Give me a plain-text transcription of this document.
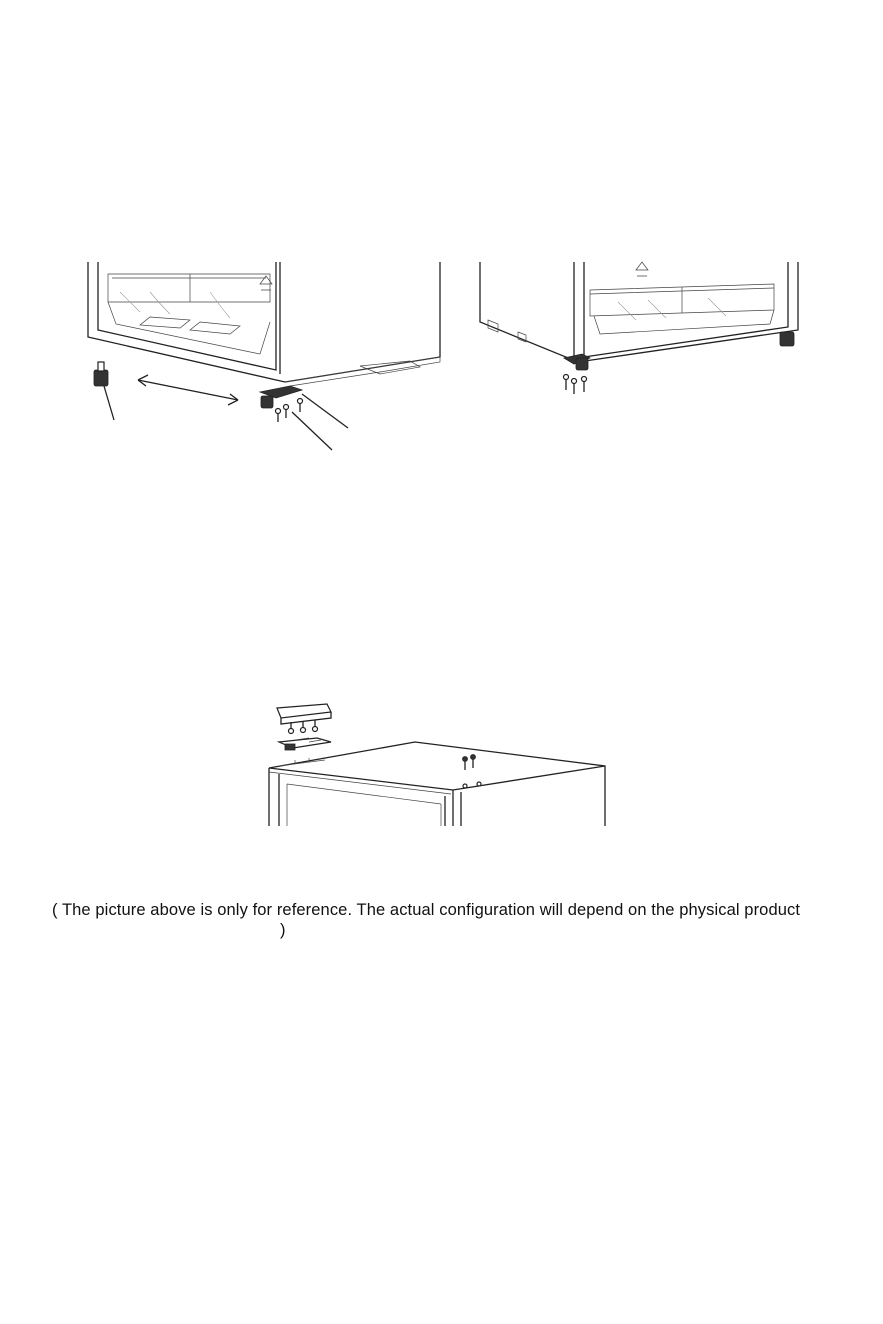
( The picture above is only for reference. The actual configuration will depend on the physical product
)
